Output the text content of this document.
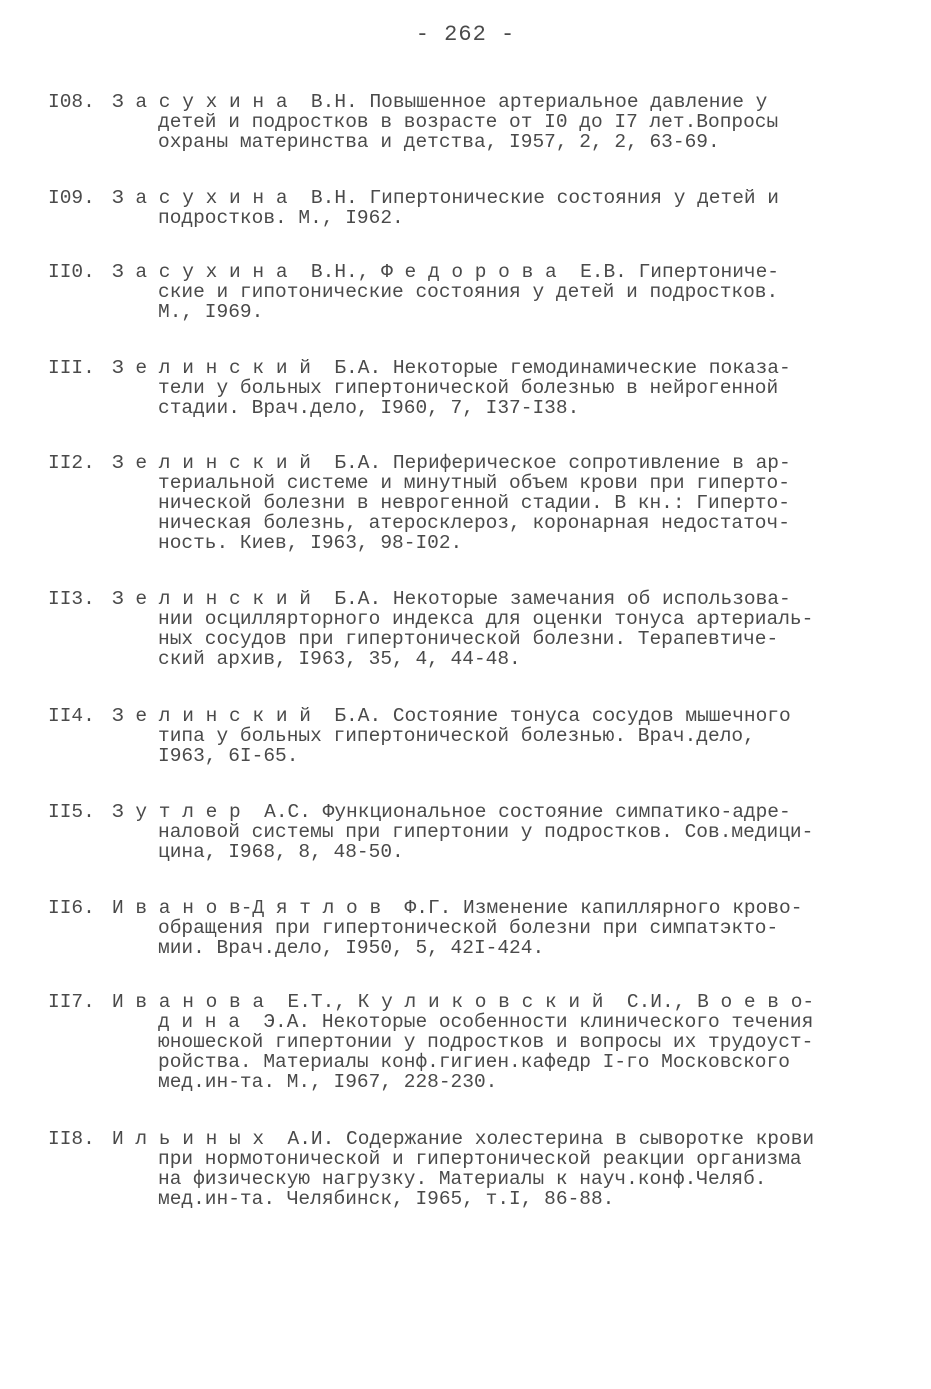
- 262 -
I08. З а с у х и н а  В.Н. Повышенное артериальное давление у
детей и подростков в возрасте от I0 до I7 лет.Вопросы
охраны материнства и детства, I957, 2, 2, 63-69.
I09. З а с у х и н а  В.Н. Гипертонические состояния у детей и
подростков. М., I962.
II0. З а с у х и н а  В.Н., Ф е д о р о в а  Е.В. Гипертониче-
ские и гипотонические состояния у детей и подростков.
М., I969.
III. З е л и н с к и й  Б.А. Некоторые гемодинамические показа-
тели у больных гипертонической болезнью в нейрогенной
стадии. Врач.дело, I960, 7, I37-I38.
II2. З е л и н с к и й  Б.А. Периферическое сопротивление в ар-
териальной системе и минутный объем крови при гиперто-
нической болезни в неврогенной стадии. В кн.: Гиперто-
ническая болезнь, атеросклероз, коронарная недостаточ-
ность. Киев, I963, 98-I02.
II3. З е л и н с к и й  Б.А. Некоторые замечания об использова-
нии осциллярторного индекса для оценки тонуса артериаль-
ных сосудов при гипертонической болезни. Терапевтиче-
ский архив, I963, 35, 4, 44-48.
II4. З е л и н с к и й  Б.А. Состояние тонуса сосудов мышечного
типа у больных гипертонической болезнью. Врач.дело,
I963, 6I-65.
II5. З у т л е р  А.С. Функциональное состояние симпатико-адре-
наловой системы при гипертонии у подростков. Сов.медици-
цина, I968, 8, 48-50.
II6. И в а н о в-Д я т л о в  Ф.Г. Изменение капиллярного крово-
обращения при гипертонической болезни при симпатэкто-
мии. Врач.дело, I950, 5, 42I-424.
II7. И в а н о в а  Е.Т., К у л и к о в с к и й  С.И., В о е в о-
д и н а  Э.А. Некоторые особенности клинического течения
юношеской гипертонии у подростков и вопросы их трудоуст-
ройства. Материалы конф.гигиен.кафедр I-го Московского
мед.ин-та. М., I967, 228-230.
II8. И л ь и н ы х  А.И. Содержание холестерина в сыворотке крови
при нормотонической и гипертонической реакции организма
на физическую нагрузку. Материалы к науч.конф.Челяб.
мед.ин-та. Челябинск, I965, т.I, 86-88.
